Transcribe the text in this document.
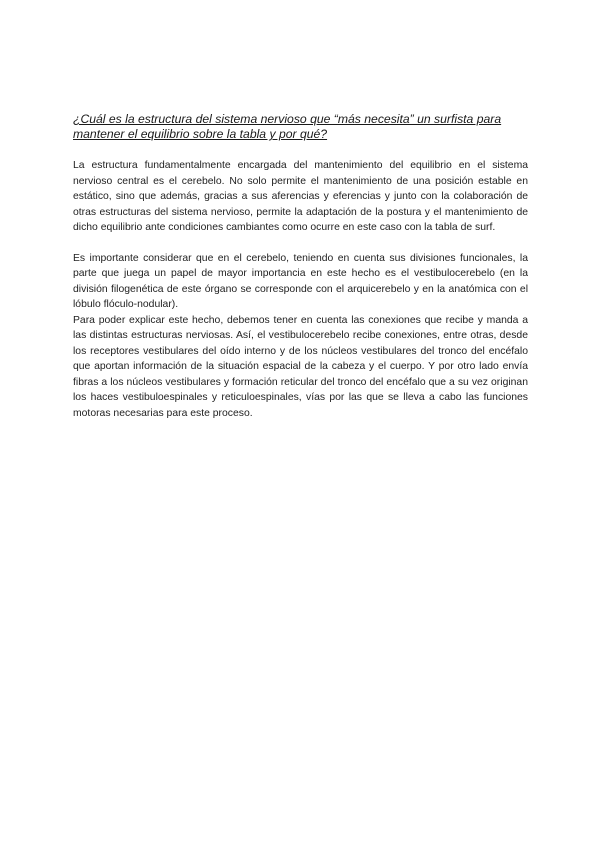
¿Cuál es la estructura del sistema nervioso que “más necesita” un surfista para mantener el equilibrio sobre la tabla y por qué?

La estructura fundamentalmente encargada del mantenimiento del equilibrio en el sistema nervioso central es el cerebelo. No solo permite el mantenimiento de una posición estable en estático, sino que además, gracias a sus aferencias y eferencias y junto con la colaboración de otras estructuras del sistema nervioso, permite la adaptación de la postura y el mantenimiento de dicho equilibrio ante condiciones cambiantes como ocurre en este caso con la tabla de surf.

Es importante considerar que en el cerebelo, teniendo en cuenta sus divisiones funcionales, la parte que juega un papel de mayor importancia en este hecho es el vestibulocerebelo (en la división filogenética de este órgano se corresponde con el arquicerebelo y en la anatómica con el lóbulo flóculo-nodular).

Para poder explicar este hecho, debemos tener en cuenta las conexiones que recibe y manda a las distintas estructuras nerviosas. Así, el vestibulocerebelo recibe conexiones, entre otras, desde los receptores vestibulares del oído interno y de los núcleos vestibulares del tronco del encéfalo que aportan información de la situación espacial de la cabeza y el cuerpo. Y por otro lado envía fibras a los núcleos vestibulares y formación reticular del tronco del encéfalo que a su vez originan los haces vestibuloespinales y reticuloespinales, vías por las que se lleva a cabo las funciones motoras necesarias para este proceso.
